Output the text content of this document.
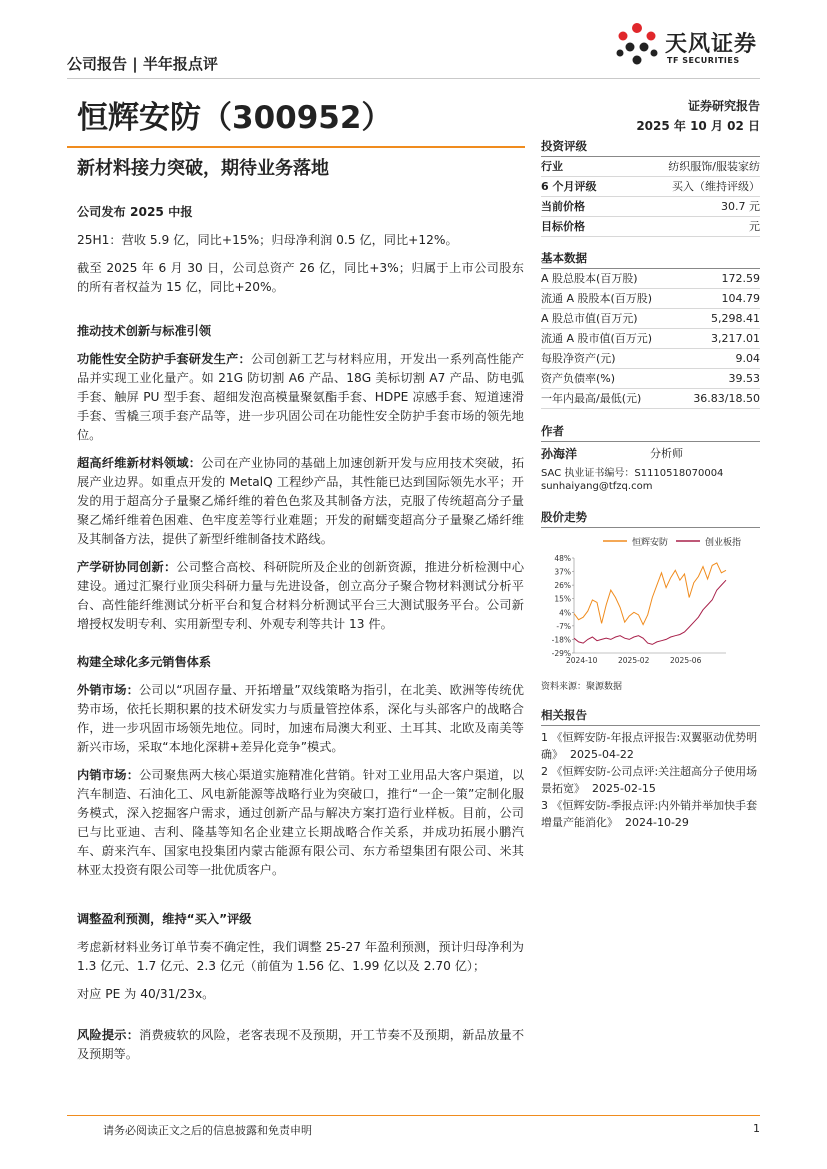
公司报告 | 半年报点评
天风证券
TF SECURITIES
恒辉安防（300952）	证券研究报告
2025 年 10 月 02 日
新材料接力突破，期待业务落地

公司发布 2025 中报

25H1：营收 5.9 亿，同比+15%；归母净利润 0.5 亿，同比+12%。

截至 2025 年 6 月 30 日，公司总资产 26 亿，同比+3%；归属于上市公司股东的所有者权益为 15 亿，同比+20%。

推动技术创新与标准引领

功能性安全防护手套研发生产：公司创新工艺与材料应用，开发出一系列高性能产品并实现工业化量产。如 21G 防切割 A6 产品、18G 美标切割 A7 产品、防电弧手套、触屏 PU 型手套、超细发泡高模量聚氨酯手套、HDPE 凉感手套、短道速滑手套、雪橇三项手套产品等，进一步巩固公司在功能性安全防护手套市场的领先地位。

超高纤维新材料领域：公司在产业协同的基础上加速创新开发与应用技术突破，拓展产业边界。如重点开发的 MetalQ 工程纱产品，其性能已达到国际领先水平；开发的用于超高分子量聚乙烯纤维的着色色浆及其制备方法，克服了传统超高分子量聚乙烯纤维着色困难、色牢度差等行业难题；开发的耐蠕变超高分子量聚乙烯纤维及其制备方法，提供了新型纤维制备技术路线。

产学研协同创新：公司整合高校、科研院所及企业的创新资源，推进分析检测中心建设。通过汇聚行业顶尖科研力量与先进设备，创立高分子聚合物材料测试分析平台、高性能纤维测试分析平台和复合材料分析测试平台三大测试服务平台。公司新增授权发明专利、实用新型专利、外观专利等共计 13 件。

构建全球化多元销售体系

外销市场：公司以“巩固存量、开拓增量”双线策略为指引，在北美、欧洲等传统优势市场，依托长期积累的技术研发实力与质量管控体系，深化与头部客户的战略合作，进一步巩固市场领先地位。同时，加速布局澳大利亚、土耳其、北欧及南美等新兴市场，采取“本地化深耕+差异化竞争”模式。

内销市场：公司聚焦两大核心渠道实施精准化营销。针对工业用品大客户渠道，以汽车制造、石油化工、风电新能源等战略行业为突破口，推行“一企一策”定制化服务模式，深入挖掘客户需求，通过创新产品与解决方案打造行业样板。目前，公司已与比亚迪、吉利、隆基等知名企业建立长期战略合作关系，并成功拓展小鹏汽车、蔚来汽车、国家电投集团内蒙古能源有限公司、东方希望集团有限公司、米其林亚太投资有限公司等一批优质客户。

调整盈利预测，维持“买入”评级

考虑新材料业务订单节奏不确定性，我们调整 25-27 年盈利预测，预计归母净利为 1.3 亿元、1.7 亿元、2.3 亿元（前值为 1.56 亿、1.99 亿以及 2.70 亿）；

对应 PE 为 40/31/23x。

风险提示：消费疲软的风险，老客表现不及预期，开工节奏不及预期，新品放量不及预期等。

投资评级
行业	纺织服饰/服装家纺
6 个月评级	买入（维持评级）
当前价格	30.7 元
目标价格	元
基本数据
A 股总股本(百万股)	172.59
流通 A 股股本(百万股)	104.79
A 股总市值(百万元)	5,298.41
流通 A 股市值(百万元)	3,217.01
每股净资产(元)	9.04
资产负债率(%)	39.53
一年内最高/最低(元)	36.83/18.50
作者
孙海洋	分析师
SAC 执业证书编号：S1110518070004
sunhaiyang@tfzq.com
股价走势
48%
37%
26%
15%
4%
-7%
-18%
-29%
2024-10	2025-02	2025-06
恒辉安防	创业板指
资料来源：聚源数据
相关报告
1 《恒辉安防-年报点评报告:双翼驱动优势明确》 2025-04-22
2 《恒辉安防-公司点评:关注超高分子使用场景拓宽》 2025-02-15
3 《恒辉安防-季报点评:内外销并举加快手套增量产能消化》 2024-10-29
请务必阅读正文之后的信息披露和免责申明	1
